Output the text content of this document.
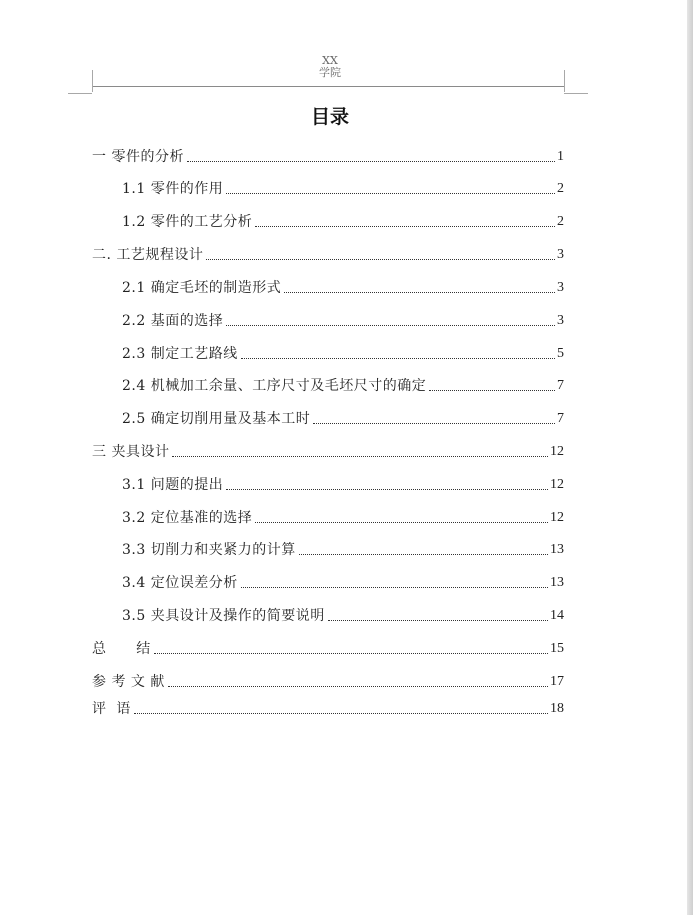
XX
学院
目录
一 零件的分析	1
1.1 零件的作用	2
1.2 零件的工艺分析	2
二. 工艺规程设计	3
2.1 确定毛坯的制造形式	3
2.2 基面的选择	3
2.3 制定工艺路线	5
2.4 机械加工余量、工序尺寸及毛坯尺寸的确定	7
2.5 确定切削用量及基本工时	7
三 夹具设计	12
3.1 问题的提出	12
3.2 定位基准的选择	12
3.3 切削力和夹紧力的计算	13
3.4 定位误差分析	13
3.5 夹具设计及操作的简要说明	14
总      结	15
参 考 文 献	17
评  语	18
